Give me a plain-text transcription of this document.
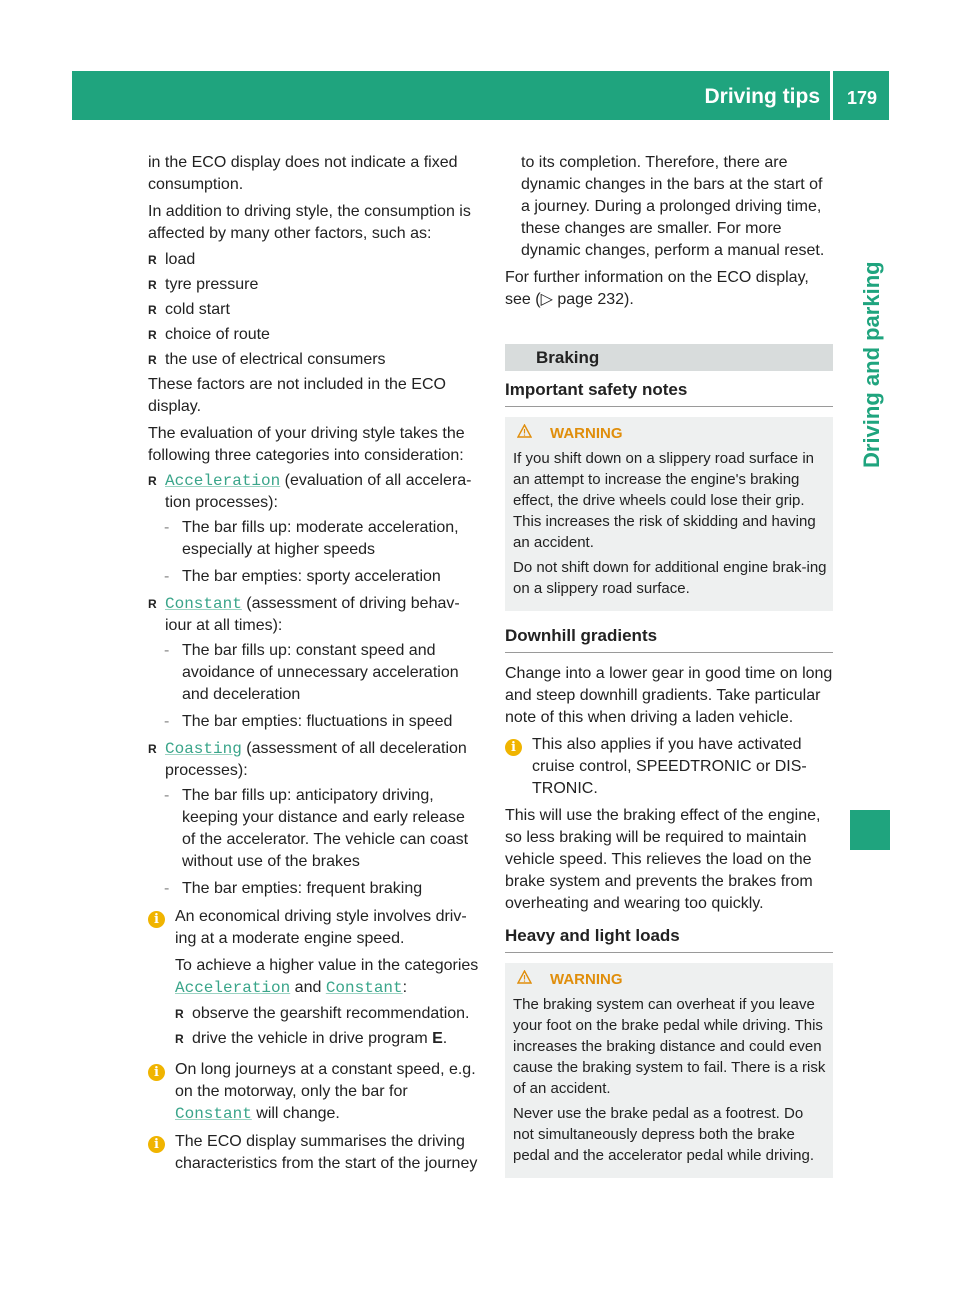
Driving tips	179
Driving and parking

in the ECO display does not indicate a fixed consumption.

In addition to driving style, the consumption is affected by many other factors, such as:

R load
R tyre pressure
R cold start
R choice of route
R the use of electrical consumers

These factors are not included in the ECO display.

The evaluation of your driving style takes the following three categories into consideration:

R Acceleration (evaluation of all accelera-tion processes):
- The bar fills up: moderate acceleration, especially at higher speeds
- The bar empties: sporty acceleration
R Constant (assessment of driving behav-iour at all times):
- The bar fills up: constant speed and avoidance of unnecessary acceleration and deceleration
- The bar empties: fluctuations in speed
R Coasting (assessment of all deceleration processes):
- The bar fills up: anticipatory driving, keeping your distance and early release of the accelerator. The vehicle can coast without use of the brakes
- The bar empties: frequent braking
i	An economical driving style involves driv-ing at a moderate engine speed.
To achieve a higher value in the categories Acceleration and Constant:
R observe the gearshift recommendation.
R drive the vehicle in drive program E.
i	On long journeys at a constant speed, e.g. on the motorway, only the bar for Constant will change.
i	The ECO display summarises the driving characteristics from the start of the journey

to its completion. Therefore, there are dynamic changes in the bars at the start of a journey. During a prolonged driving time, these changes are smaller. For more dynamic changes, perform a manual reset.

For further information on the ECO display, see (▷ page 232).

Braking
Important safety notes
WARNING

If you shift down on a slippery road surface in an attempt to increase the engine's braking effect, the drive wheels could lose their grip. This increases the risk of skidding and having an accident.

Do not shift down for additional engine brak-ing on a slippery road surface.

Downhill gradients

Change into a lower gear in good time on long and steep downhill gradients. Take particular note of this when driving a laden vehicle.

i	This also applies if you have activated cruise control, SPEEDTRONIC or DIS-TRONIC.

This will use the braking effect of the engine, so less braking will be required to maintain vehicle speed. This relieves the load on the brake system and prevents the brakes from overheating and wearing too quickly.

Heavy and light loads
WARNING

The braking system can overheat if you leave your foot on the brake pedal while driving. This increases the braking distance and could even cause the braking system to fail. There is a risk of an accident.

Never use the brake pedal as a footrest. Do not simultaneously depress both the brake pedal and the accelerator pedal while driving.
